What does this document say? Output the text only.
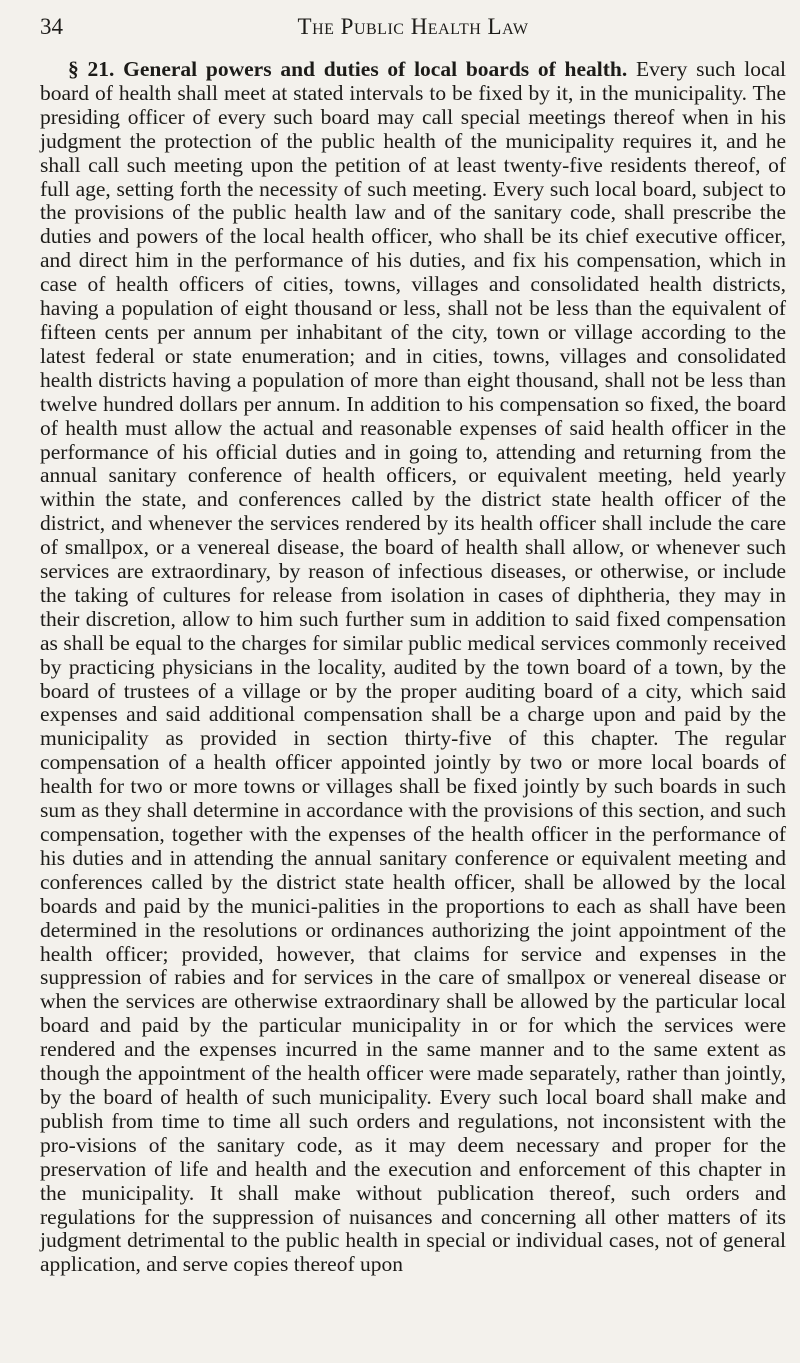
34	The Public Health Law

§ 21. General powers and duties of local boards of health. Every such local board of health shall meet at stated intervals to be fixed by it, in the municipality. The presiding officer of every such board may call special meetings thereof when in his judgment the protection of the public health of the municipality requires it, and he shall call such meeting upon the petition of at least twenty-five residents thereof, of full age, setting forth the necessity of such meeting. Every such local board, subject to the provisions of the public health law and of the sanitary code, shall prescribe the duties and powers of the local health officer, who shall be its chief executive officer, and direct him in the performance of his duties, and fix his compensation, which in case of health officers of cities, towns, villages and consolidated health districts, having a population of eight thousand or less, shall not be less than the equivalent of fifteen cents per annum per inhabitant of the city, town or village according to the latest federal or state enumeration; and in cities, towns, villages and consolidated health districts having a population of more than eight thousand, shall not be less than twelve hundred dollars per annum. In addition to his compensation so fixed, the board of health must allow the actual and reasonable expenses of said health officer in the performance of his official duties and in going to, attending and returning from the annual sanitary conference of health officers, or equivalent meeting, held yearly within the state, and conferences called by the district state health officer of the district, and whenever the services rendered by its health officer shall include the care of smallpox, or a venereal disease, the board of health shall allow, or whenever such services are extraordinary, by reason of infectious diseases, or otherwise, or include the taking of cultures for release from isolation in cases of diphtheria, they may in their discretion, allow to him such further sum in addition to said fixed compensation as shall be equal to the charges for similar public medical services commonly received by practicing physicians in the locality, audited by the town board of a town, by the board of trustees of a village or by the proper auditing board of a city, which said expenses and said additional compensation shall be a charge upon and paid by the municipality as provided in section thirty-five of this chapter. The regular compensation of a health officer appointed jointly by two or more local boards of health for two or more towns or villages shall be fixed jointly by such boards in such sum as they shall determine in accordance with the provisions of this section, and such compensation, together with the expenses of the health officer in the performance of his duties and in attending the annual sanitary conference or equivalent meeting and conferences called by the district state health officer, shall be allowed by the local boards and paid by the munici-palities in the proportions to each as shall have been determined in the resolutions or ordinances authorizing the joint appointment of the health officer; provided, however, that claims for service and expenses in the suppression of rabies and for services in the care of smallpox or venereal disease or when the services are otherwise extraordinary shall be allowed by the particular local board and paid by the particular municipality in or for which the services were rendered and the expenses incurred in the same manner and to the same extent as though the appointment of the health officer were made separately, rather than jointly, by the board of health of such municipality. Every such local board shall make and publish from time to time all such orders and regulations, not inconsistent with the pro-visions of the sanitary code, as it may deem necessary and proper for the preservation of life and health and the execution and enforcement of this chapter in the municipality. It shall make without publication thereof, such orders and regulations for the suppression of nuisances and concerning all other matters of its judgment detrimental to the public health in special or individual cases, not of general application, and serve copies thereof upon
